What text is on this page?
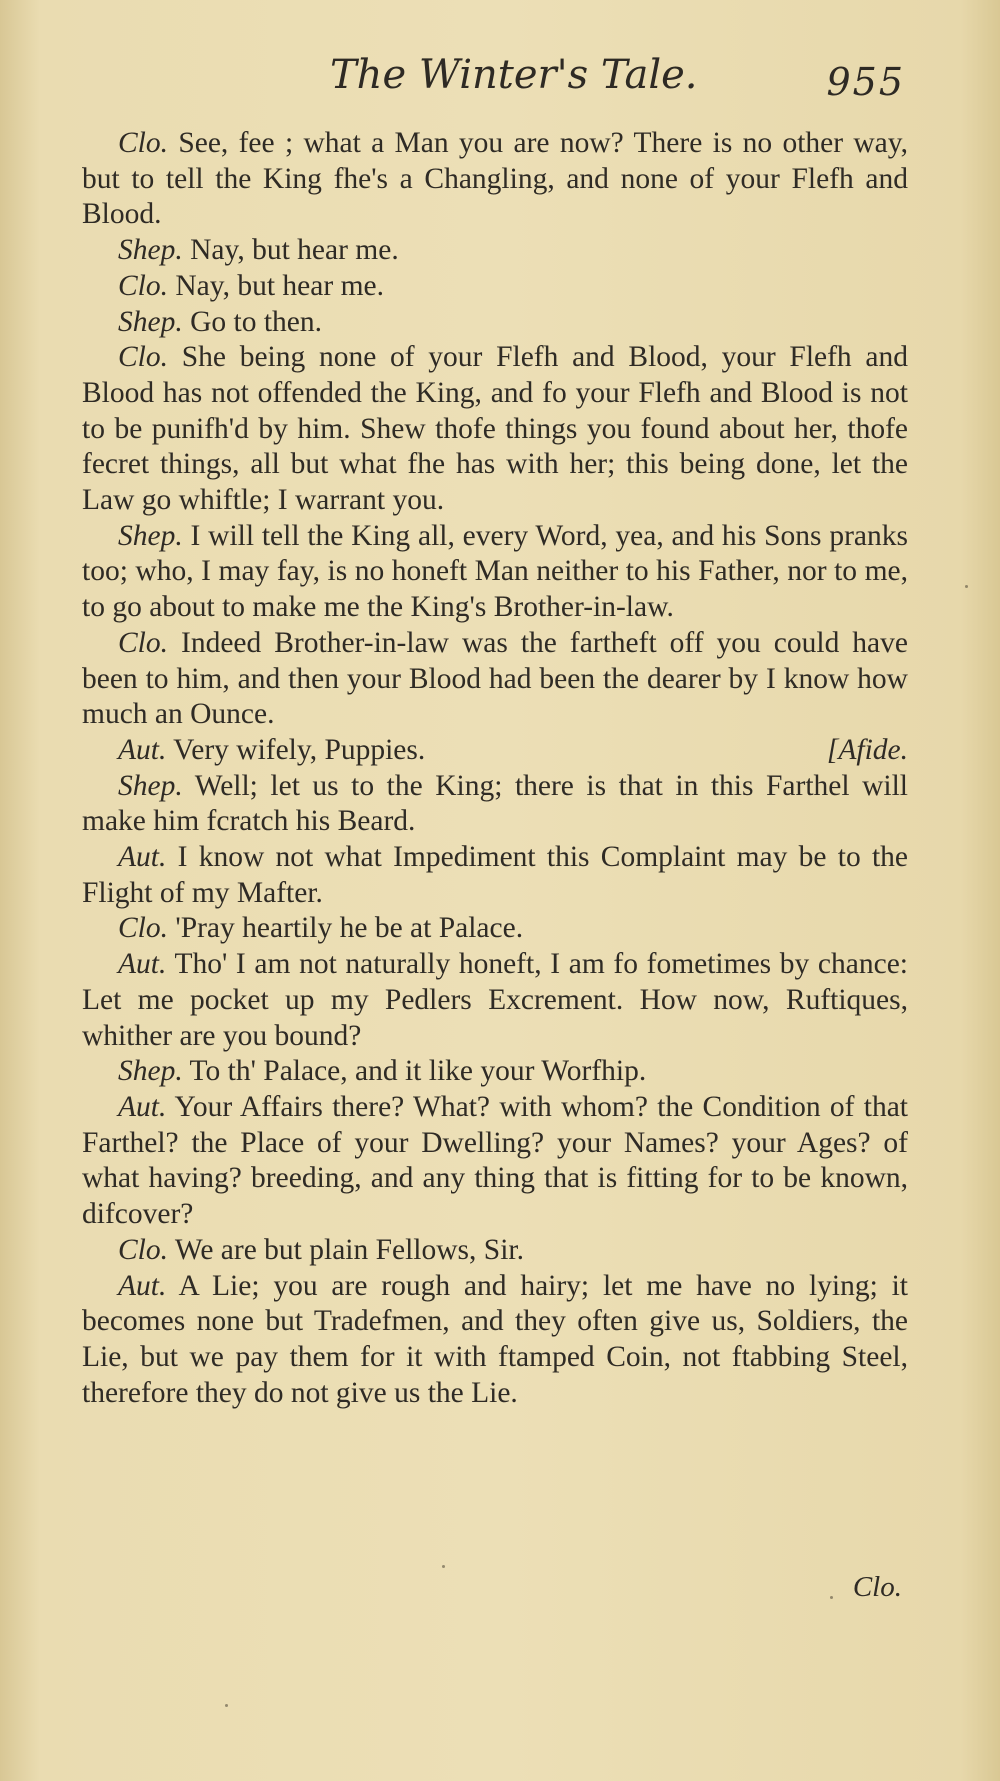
The Winter's Tale.	955

Clo. See, fee ; what a Man you are now? There is no other way, but to tell the King fhe's a Changling, and none of your Flefh and Blood.

Shep. Nay, but hear me.

Clo. Nay, but hear me.

Shep. Go to then.

Clo. She being none of your Flefh and Blood, your Flefh and Blood has not offended the King, and fo your Flefh and Blood is not to be punifh'd by him. Shew thofe things you found about her, thofe fecret things, all but what fhe has with her; this being done, let the Law go whiftle; I warrant you.

Shep. I will tell the King all, every Word, yea, and his Sons pranks too; who, I may fay, is no honeft Man neither to his Father, nor to me, to go about to make me the King's Brother-in-law.

Clo. Indeed Brother-in-law was the fartheft off you could have been to him, and then your Blood had been the dearer by I know how much an Ounce.

[Afide.
Aut. Very wifely, Puppies.

Shep. Well; let us to the King; there is that in this Farthel will make him fcratch his Beard.

Aut. I know not what Impediment this Complaint may be to the Flight of my Mafter.

Clo. 'Pray heartily he be at Palace.

Aut. Tho' I am not naturally honeft, I am fo fometimes by chance: Let me pocket up my Pedlers Excrement. How now, Ruftiques, whither are you bound?

Shep. To th' Palace, and it like your Worfhip.

Aut. Your Affairs there? What? with whom? the Condition of that Farthel? the Place of your Dwelling? your Names? your Ages? of what having? breeding, and any thing that is fitting for to be known, difcover?

Clo. We are but plain Fellows, Sir.

Aut. A Lie; you are rough and hairy; let me have no lying; it becomes none but Tradefmen, and they often give us, Soldiers, the Lie, but we pay them for it with ftamped Coin, not ftabbing Steel, therefore they do not give us the Lie.

Clo.
